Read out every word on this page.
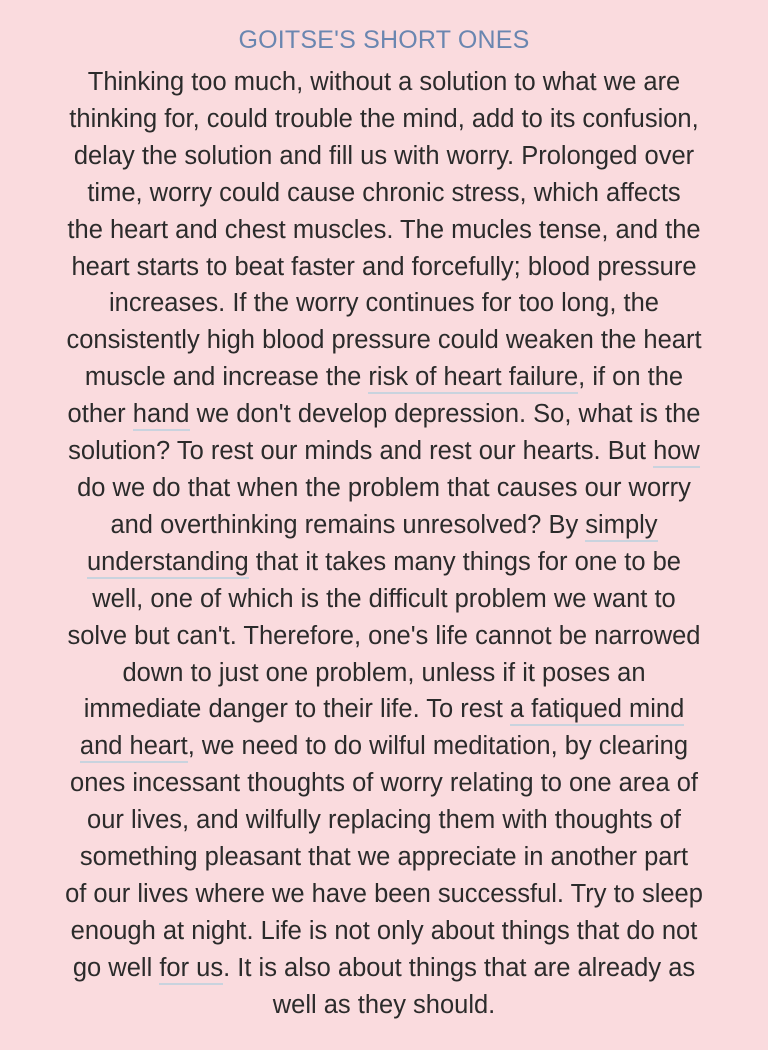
GOITSE'S SHORT ONES
Thinking too much, without a solution to what we are
thinking for, could trouble the mind, add to its confusion,
delay the solution and fill us with worry. Prolonged over
time, worry could cause chronic stress, which affects
the heart and chest muscles. The mucles tense, and the
heart starts to beat faster and forcefully; blood pressure
increases. If the worry continues for too long, the
consistently high blood pressure could weaken the heart
muscle and increase the risk of heart failure, if on the
other hand we don't develop depression. So, what is the
solution? To rest our minds and rest our hearts. But how
do we do that when the problem that causes our worry
and overthinking remains unresolved? By simply
understanding that it takes many things for one to be
well, one of which is the difficult problem we want to
solve but can't. Therefore, one's life cannot be narrowed
down to just one problem, unless if it poses an
immediate danger to their life. To rest a fatiqued mind
and heart, we need to do wilful meditation, by clearing
ones incessant thoughts of worry relating to one area of
our lives, and wilfully replacing them with thoughts of
something pleasant that we appreciate in another part
of our lives where we have been successful. Try to sleep
enough at night. Life is not only about things that do not
go well for us. It is also about things that are already as
well as they should.
